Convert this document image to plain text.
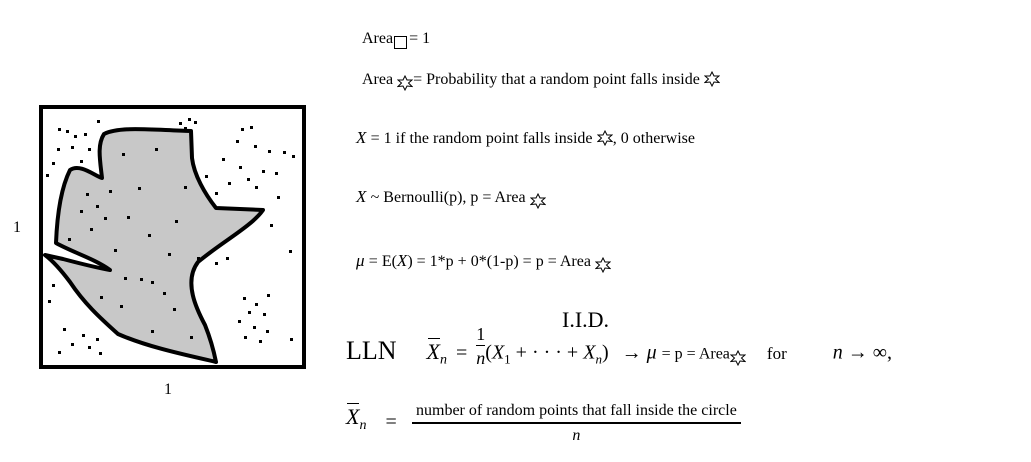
1
1
Area = 1
Area = Probability that a random point falls inside
X = 1 if the random point falls inside , 0 otherwise
X ~ Bernoulli(p), p = Area
μ = E(X) = 1*p + 0*(1-p) = p = Area
I.I.D.
LLN $X_n = \frac{1}{n} (X_1$ + · · · + $X_n) \to \mu = p$ = Area for n → ∞,
$X_n$ =
number of random points that fall inside the circle
n
